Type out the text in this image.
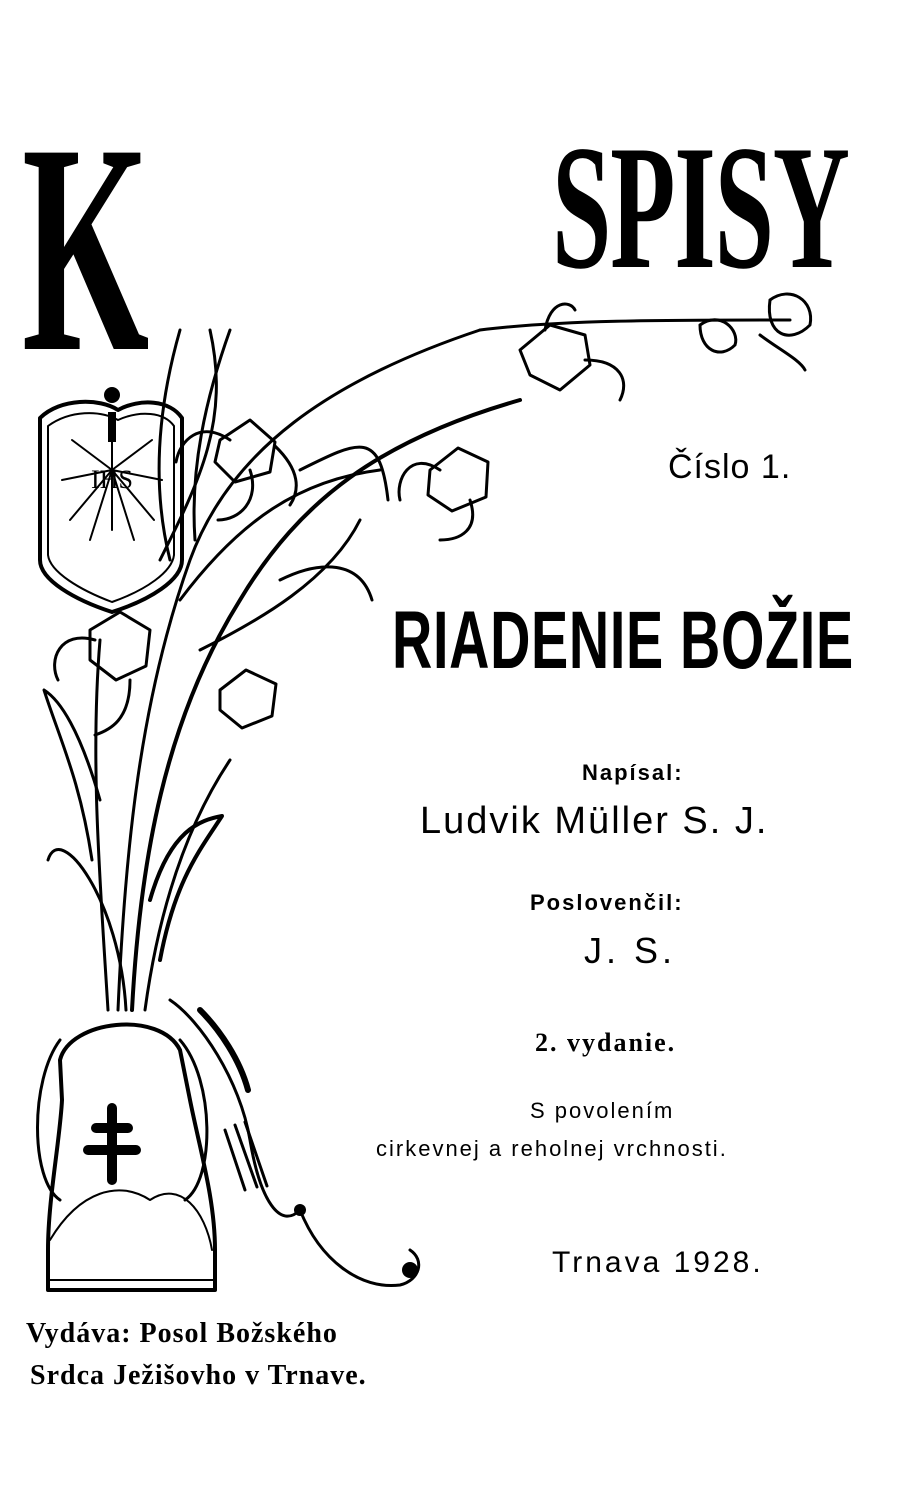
IHS
K SPISY
Číslo 1.
RIADENIE BOŽIE
Napísal:
Ludvik Müller S. J.
Poslovenčil:
J. S.
2. vydanie.
S povolením
cirkevnej a reholnej vrchnosti.
Trnava 1928.
Vydáva: Posol Božského
Srdca Ježišovho v Trnave.
